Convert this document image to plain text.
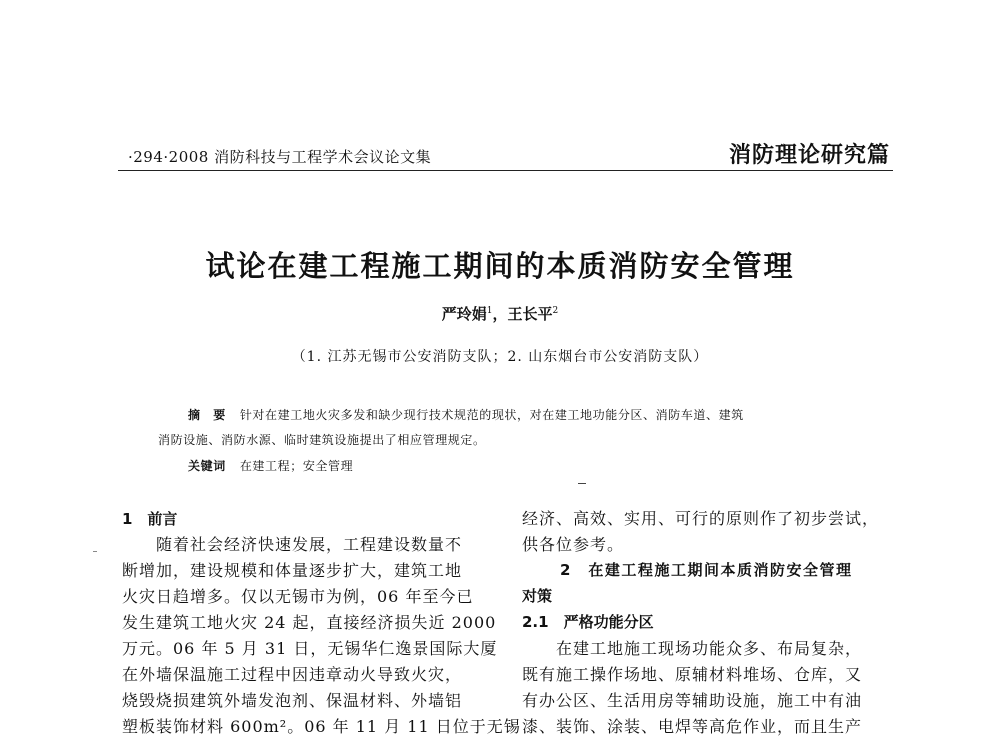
·294·2008 消防科技与工程学术会议论文集	消防理论研究篇
试论在建工程施工期间的本质消防安全管理
严玲娟$^1$，王长平$^2$
（1. 江苏无锡市公安消防支队；2. 山东烟台市公安消防支队）
摘　要 针对在建工地火灾多发和缺少现行技术规范的现状，对在建工地功能分区、消防车道、建筑
消防设施、消防水源、临时建筑设施提出了相应管理规定。
关键词 在建工程；安全管理
1　前言
　　随着社会经济快速发展，工程建设数量不
断增加，建设规模和体量逐步扩大，建筑工地
火灾日趋增多。仅以无锡市为例，06 年至今已
发生建筑工地火灾 24 起，直接经济损失近 2000
万元。06 年 5 月 31 日，无锡华仁逸景国际大厦
在外墙保温施工过程中因违章动火导致火灾，
烧毁烧损建筑外墙发泡剂、保温材料、外墙铝
塑板装饰材料 600m²。06 年 11 月 11 日位于无锡
经济、高效、实用、可行的原则作了初步尝试，
供各位参考。
2　在建工程施工期间本质消防安全管理
对策
2.1　严格功能分区
　　在建工地施工现场功能众多、布局复杂，
既有施工操作场地、原辅材料堆场、仓库，又
有办公区、生活用房等辅助设施，施工中有油
漆、装饰、涂装、电焊等高危作业，而且生产
